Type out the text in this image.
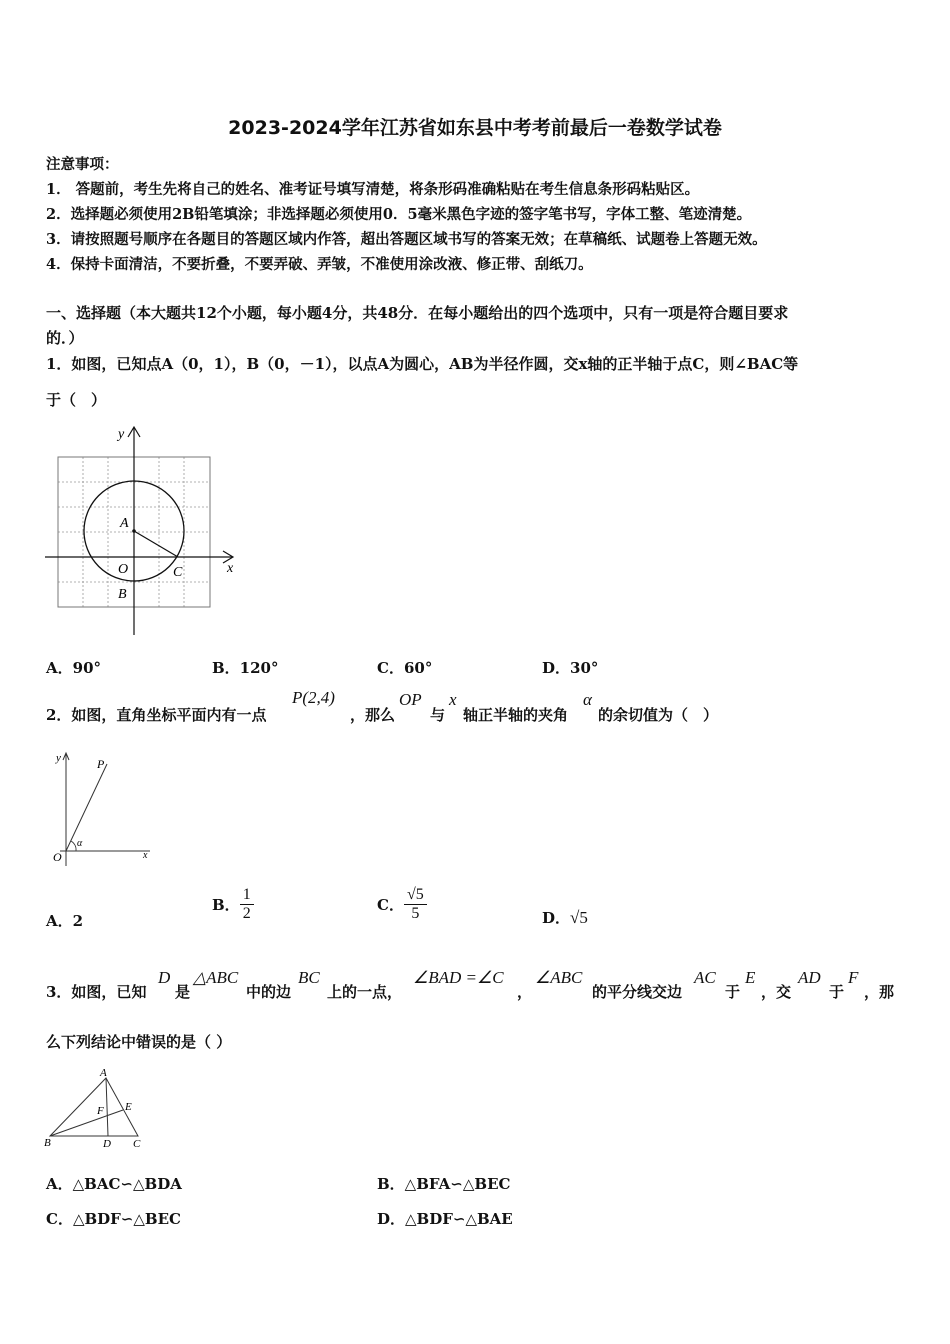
2023-2024学年江苏省如东县中考考前最后一卷数学试卷
注意事项：
1． 答题前，考生先将自己的姓名、准考证号填写清楚，将条形码准确粘贴在考生信息条形码粘贴区。
2．选择题必须使用2B铅笔填涂；非选择题必须使用0．5毫米黑色字迹的签字笔书写，字体工整、笔迹清楚。
3．请按照题号顺序在各题目的答题区域内作答，超出答题区域书写的答案无效；在草稿纸、试题卷上答题无效。
4．保持卡面清洁，不要折叠，不要弄破、弄皱，不准使用涂改液、修正带、刮纸刀。
一、选择题（本大题共12个小题，每小题4分，共48分．在每小题给出的四个选项中，只有一项是符合题目要求
的．）
1．如图，已知点A（0，1），B（0，－1），以点A为圆心，AB为半径作圆，交x轴的正半轴于点C，则∠BAC等
于（　）
y
x
A
O	C
B
A．90°	B．120°	C．60°	D．30°
2．如图，直角坐标平面内有一点
P(2,4)
，那么
OP
与
x
轴正半轴的夹角
α
的余切值为（　）
y	P
α
O	x
A．2
B． $\frac{1}{2}$	C． $\frac{√5}{5}$	D．√5
3．如图，已知
D
是
△ABC
中的边
BC
上的一点，
∠BAD =∠C
，
∠ABC
的平分线交边
AC
于
E
，交
AD
于
F
，那
么下列结论中错误的是（ ）
A
F E
B	D C
A．△BAC∽△BDA	B．△BFA∽△BEC
C．△BDF∽△BEC	D．△BDF∽△BAE
